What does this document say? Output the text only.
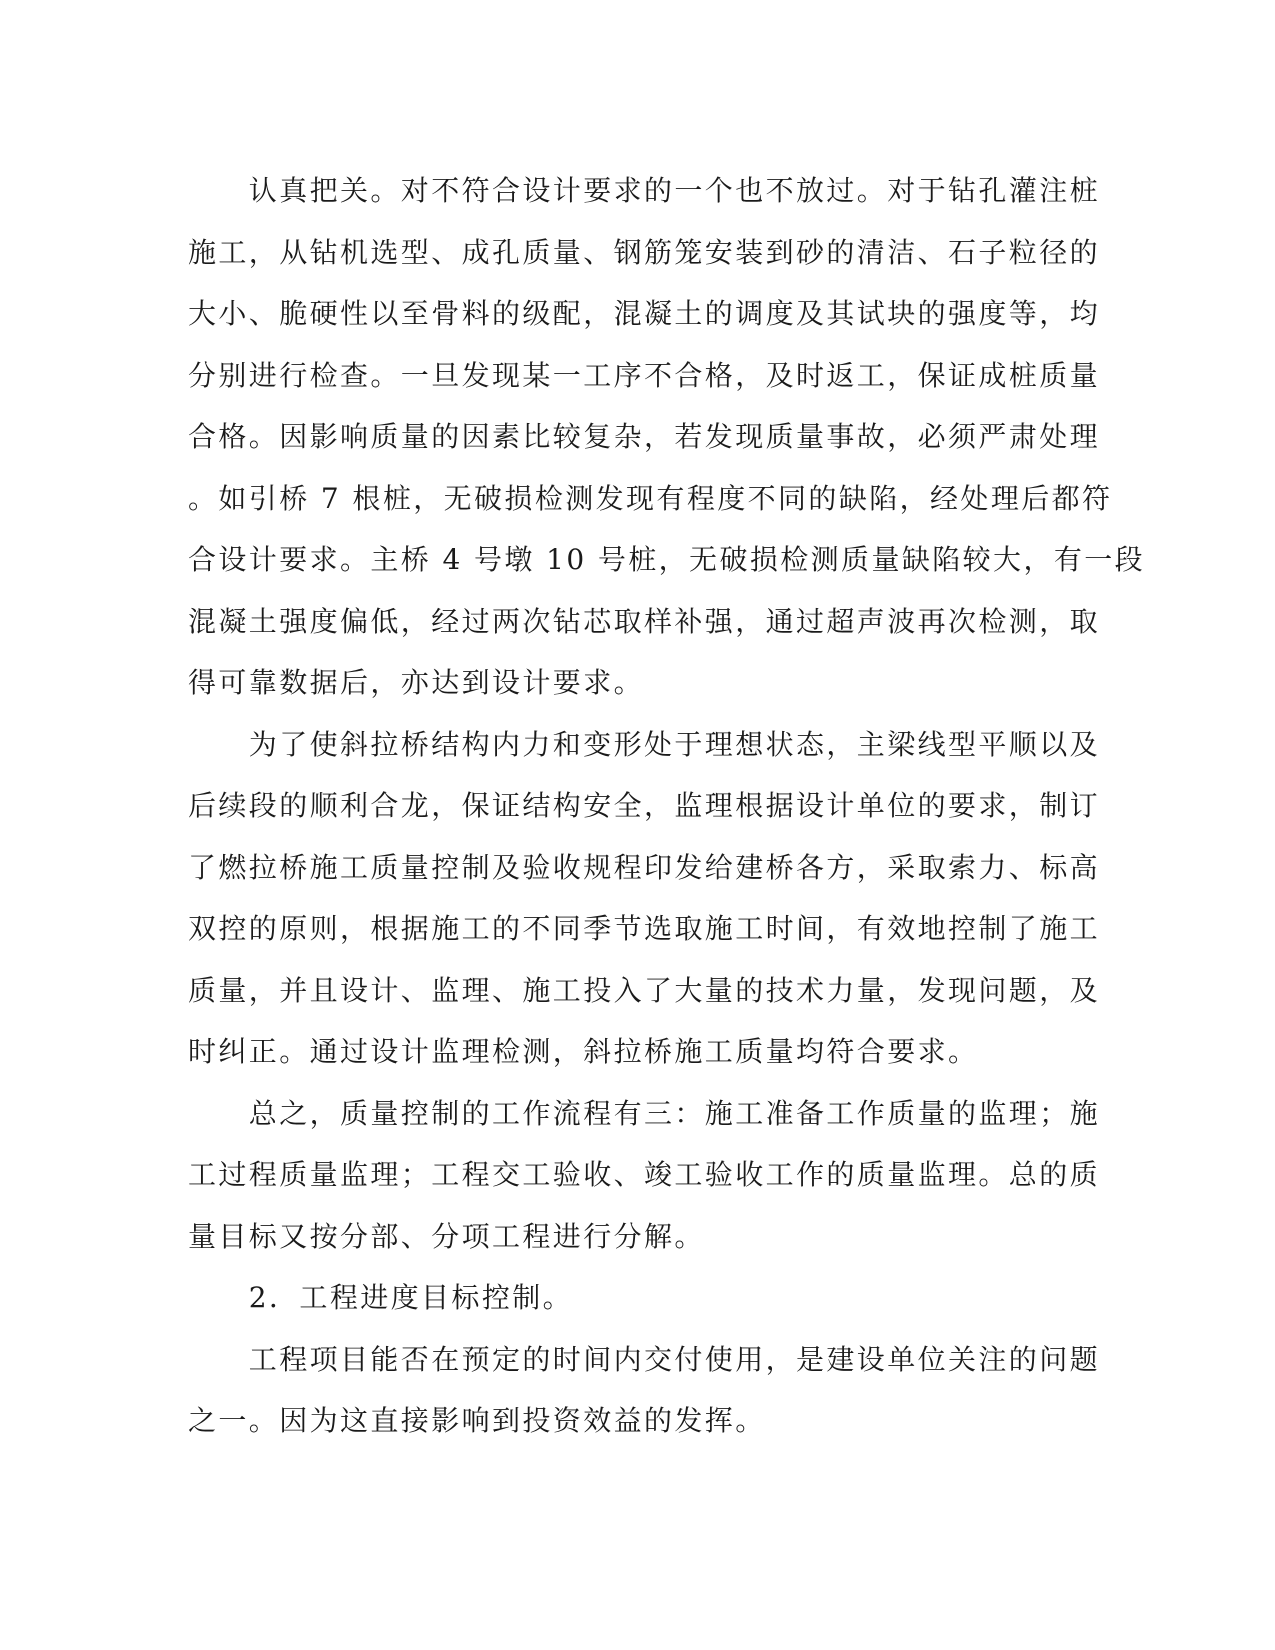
　　认真把关。对不符合设计要求的一个也不放过。对于钻孔灌注桩
施工，从钻机选型、成孔质量、钢筋笼安装到砂的清洁、石子粒径的
大小、脆硬性以至骨料的级配，混凝土的调度及其试块的强度等，均
分别进行检查。一旦发现某一工序不合格，及时返工，保证成桩质量
合格。因影响质量的因素比较复杂，若发现质量事故，必须严肃处理
。如引桥 7 根桩，无破损检测发现有程度不同的缺陷，经处理后都符
合设计要求。主桥 4 号墩 10 号桩，无破损检测质量缺陷较大，有一段
混凝土强度偏低，经过两次钻芯取样补强，通过超声波再次检测，取
得可靠数据后，亦达到设计要求。
　　为了使斜拉桥结构内力和变形处于理想状态，主梁线型平顺以及
后续段的顺利合龙，保证结构安全，监理根据设计单位的要求，制订
了燃拉桥施工质量控制及验收规程印发给建桥各方，采取索力、标高
双控的原则，根据施工的不同季节选取施工时间，有效地控制了施工
质量，并且设计、监理、施工投入了大量的技术力量，发现问题，及
时纠正。通过设计监理检测，斜拉桥施工质量均符合要求。
　　总之，质量控制的工作流程有三：施工准备工作质量的监理；施
工过程质量监理；工程交工验收、竣工验收工作的质量监理。总的质
量目标又按分部、分项工程进行分解。
　　2．工程进度目标控制。
　　工程项目能否在预定的时间内交付使用，是建设单位关注的问题
之一。因为这直接影响到投资效益的发挥。
